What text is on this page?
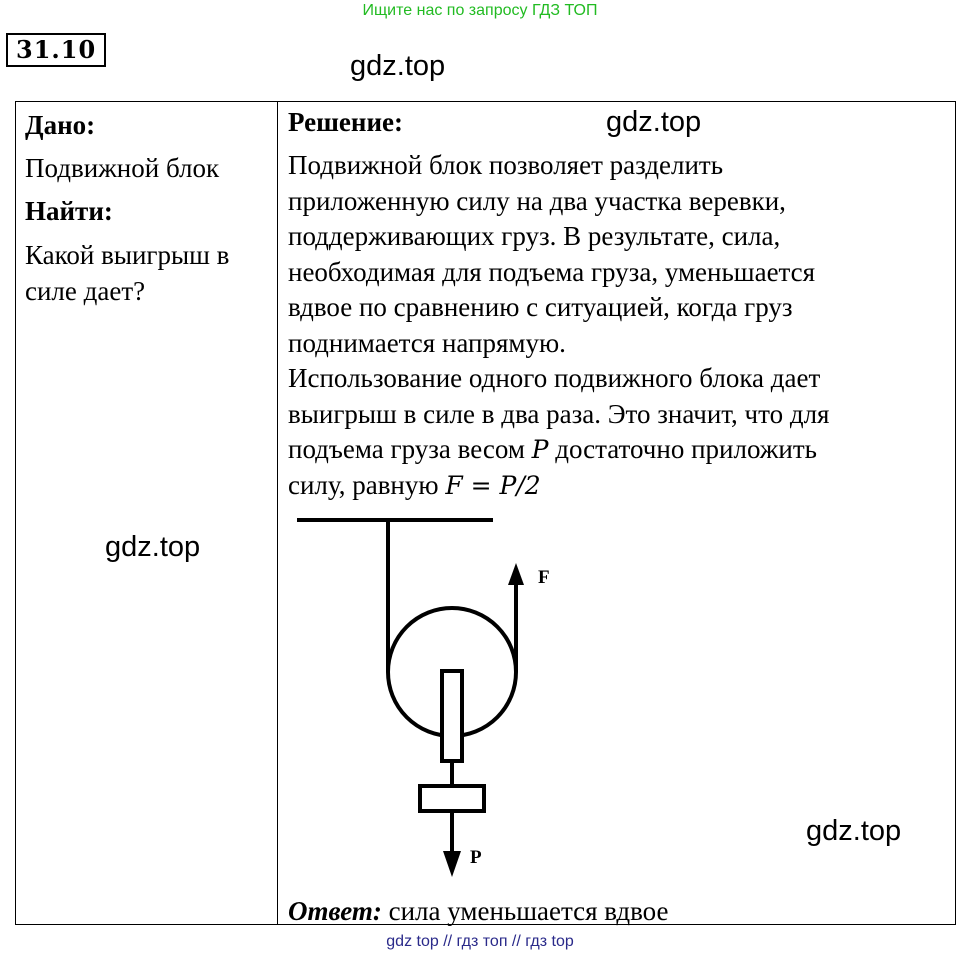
Ищите нас по запросу ГДЗ ТОП
31.10
gdz.top
Дано:
Подвижной блок
Найти:
Какой выигрыш в
силе дает?
gdz.top
gdz.top
gdz.top
Решение:

Подвижной блок позволяет разделить

приложенную силу на два участка веревки,

поддерживающих груз. В результате, сила,

необходимая для подъема груза, уменьшается

вдвое по сравнению с ситуацией, когда груз

поднимается напрямую.

Использование одного подвижного блока дает

выигрыш в силе в два раза. Это значит, что для

подъема груза весом P достаточно приложить

силу, равную F = P/2

F
P
Ответ: сила уменьшается вдвое
gdz top // гдз топ // гдз top
